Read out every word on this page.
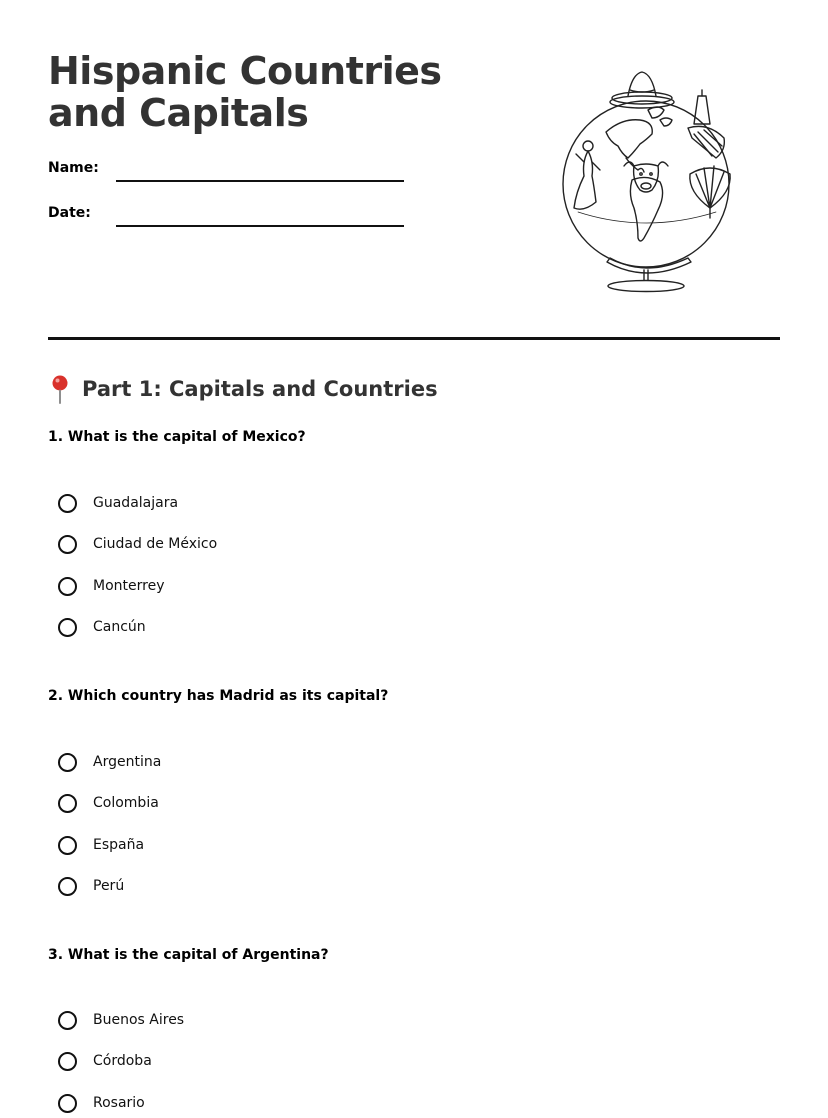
Hispanic Countries and Capitals
Name:
Date:
Part 1: Capitals and Countries
1. What is the capital of Mexico?
Guadalajara
Ciudad de México
Monterrey
Cancún
2. Which country has Madrid as its capital?
Argentina
Colombia
España
Perú
3. What is the capital of Argentina?
Buenos Aires
Córdoba
Rosario
